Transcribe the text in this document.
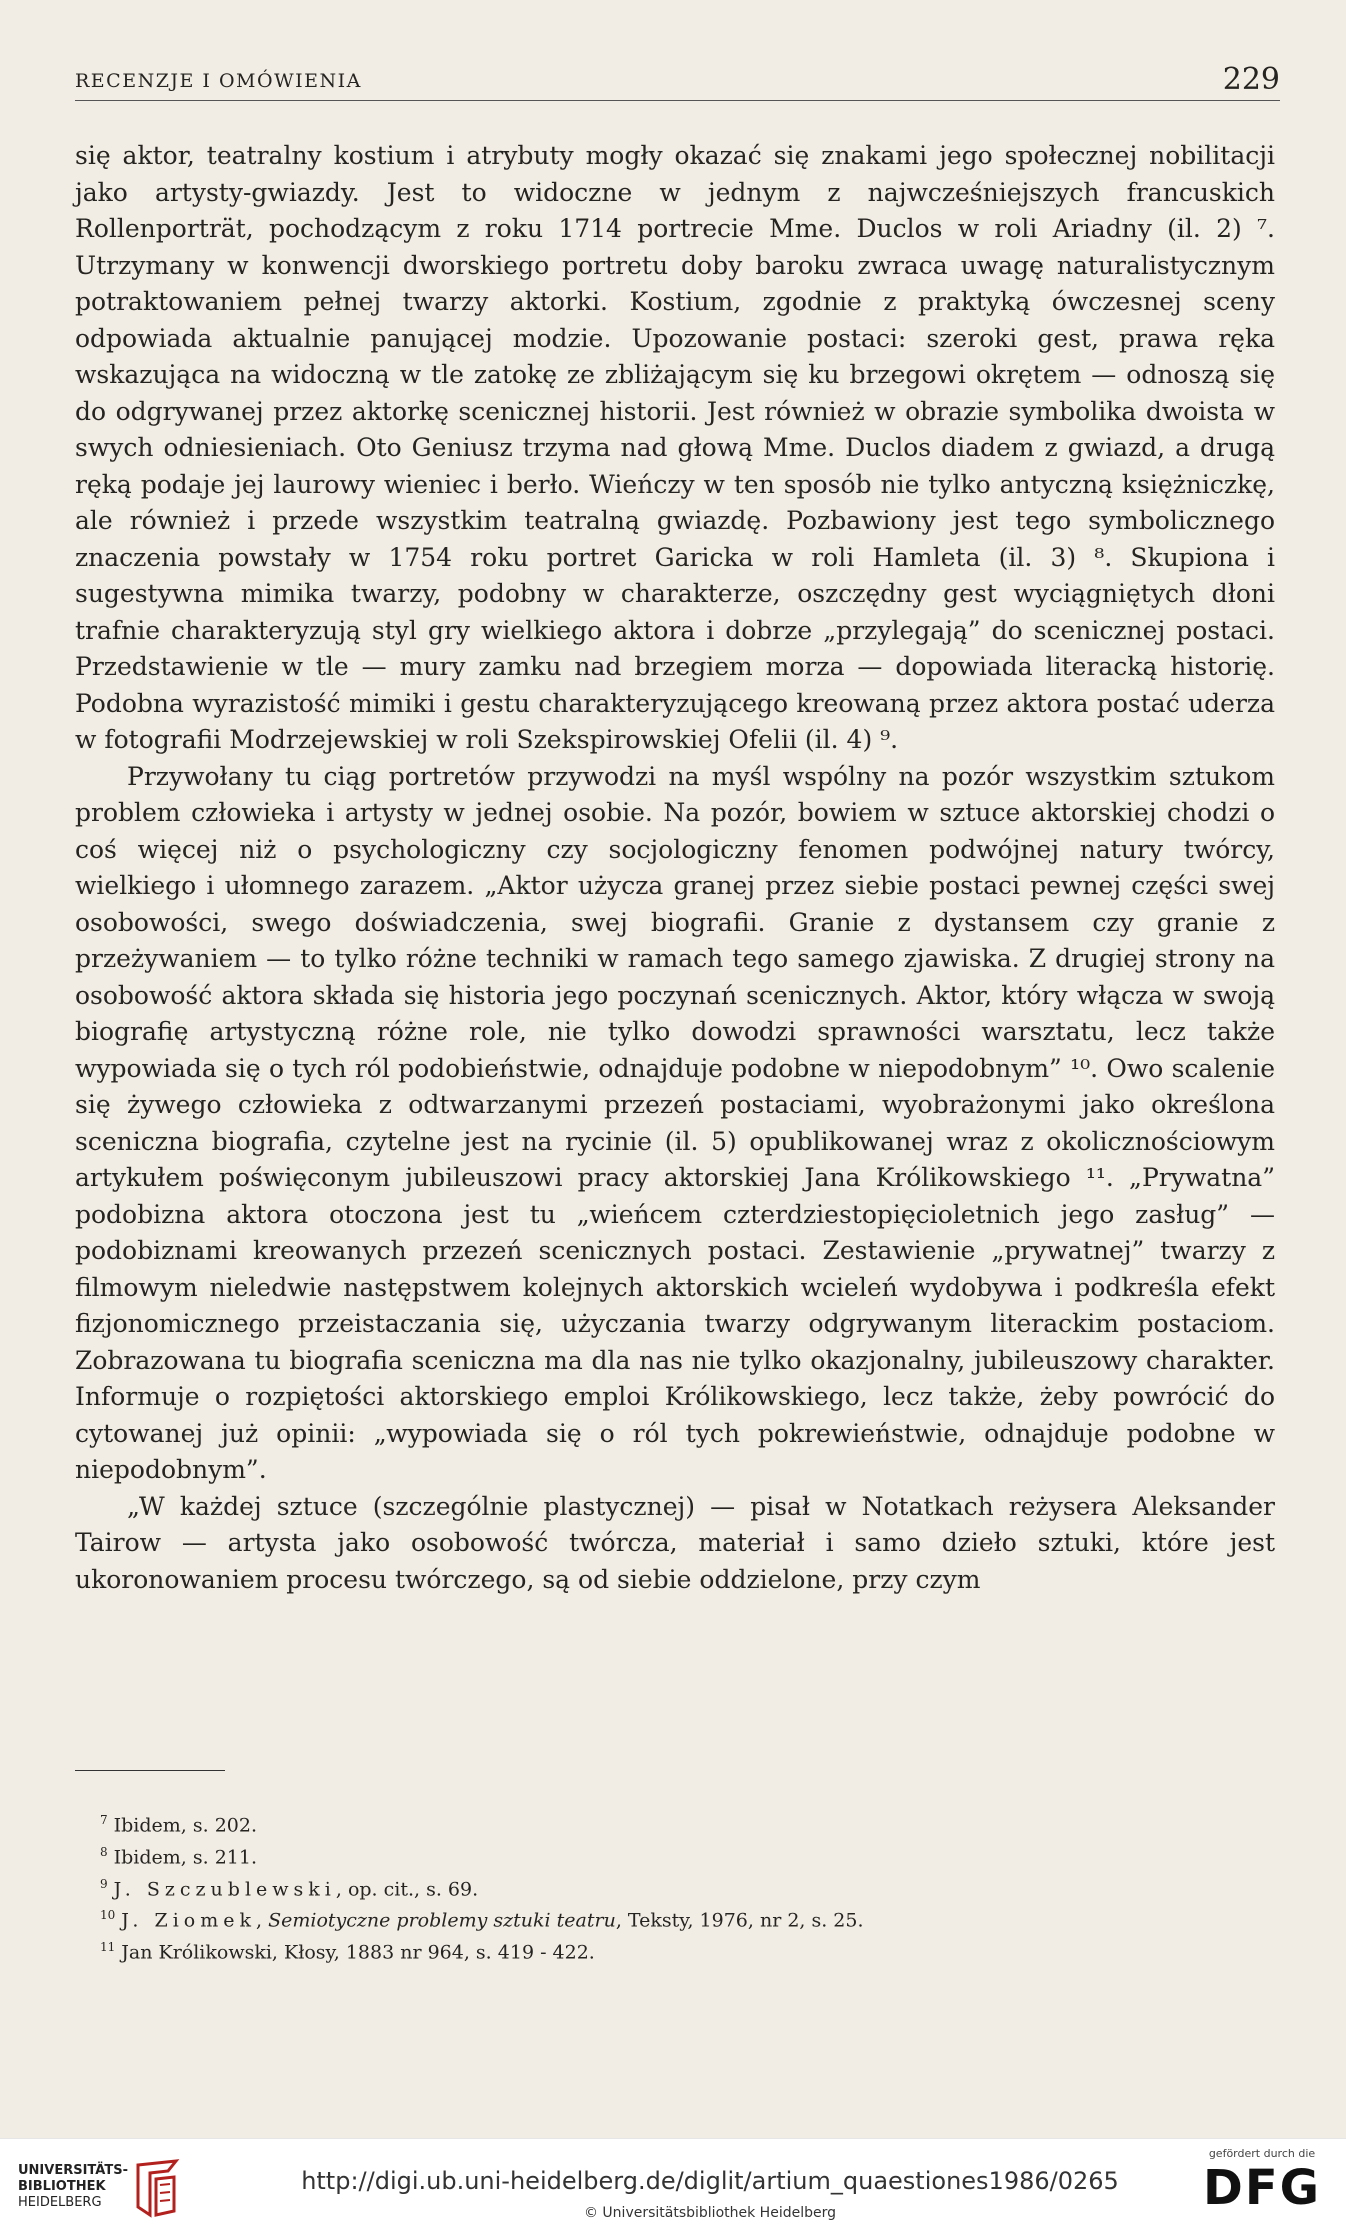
RECENZJE I OMÓWIENIA	229

się aktor, teatralny kostium i atrybuty mogły okazać się znakami jego społecznej nobilitacji jako artysty-gwiazdy. Jest to widoczne w jednym z najwcześniejszych francuskich Rollenporträt, pochodzącym z roku 1714 portrecie Mme. Duclos w roli Ariadny (il. 2) ⁷. Utrzymany w konwencji dworskiego portretu doby baroku zwraca uwagę naturalistycznym potraktowaniem pełnej twarzy aktorki. Kostium, zgodnie z praktyką ówczesnej sceny odpowiada aktualnie panującej modzie. Upozowanie postaci: szeroki gest, prawa ręka wskazująca na widoczną w tle zatokę ze zbliżającym się ku brzegowi okrętem — odnoszą się do odgrywanej przez aktorkę scenicznej historii. Jest również w obrazie symbolika dwoista w swych odniesieniach. Oto Geniusz trzyma nad głową Mme. Duclos diadem z gwiazd, a drugą ręką podaje jej laurowy wieniec i berło. Wieńczy w ten sposób nie tylko antyczną księżniczkę, ale również i przede wszystkim teatralną gwiazdę. Pozbawiony jest tego symbolicznego znaczenia powstały w 1754 roku portret Garicka w roli Hamleta (il. 3) ⁸. Skupiona i sugestywna mimika twarzy, podobny w charakterze, oszczędny gest wyciągniętych dłoni trafnie charakteryzują styl gry wielkiego aktora i dobrze „przylegają” do scenicznej postaci. Przedstawienie w tle — mury zamku nad brzegiem morza — dopowiada literacką historię. Podobna wyrazistość mimiki i gestu charakteryzującego kreowaną przez aktora postać uderza w fotografii Modrzejewskiej w roli Szekspirowskiej Ofelii (il. 4) ⁹.

Przywołany tu ciąg portretów przywodzi na myśl wspólny na pozór wszystkim sztukom problem człowieka i artysty w jednej osobie. Na pozór, bowiem w sztuce aktorskiej chodzi o coś więcej niż o psychologiczny czy socjologiczny fenomen podwójnej natury twórcy, wielkiego i ułomnego zarazem. „Aktor użycza granej przez siebie postaci pewnej części swej osobowości, swego doświadczenia, swej biografii. Granie z dystansem czy granie z przeżywaniem — to tylko różne techniki w ramach tego samego zjawiska. Z drugiej strony na osobowość aktora składa się historia jego poczynań scenicznych. Aktor, który włącza w swoją biografię artystyczną różne role, nie tylko dowodzi sprawności warsztatu, lecz także wypowiada się o tych ról podobieństwie, odnajduje podobne w niepodobnym” ¹⁰. Owo scalenie się żywego człowieka z odtwarzanymi przezeń postaciami, wyobrażonymi jako określona sceniczna biografia, czytelne jest na rycinie (il. 5) opublikowanej wraz z okolicznościowym artykułem poświęconym jubileuszowi pracy aktorskiej Jana Królikowskiego ¹¹. „Prywatna” podobizna aktora otoczona jest tu „wieńcem czterdziestopięcioletnich jego zasług” — podobiznami kreowanych przezeń scenicznych postaci. Zestawienie „prywatnej” twarzy z filmowym nieledwie następstwem kolejnych aktorskich wcieleń wydobywa i podkreśla efekt fizjonomicznego przeistaczania się, użyczania twarzy odgrywanym literackim postaciom. Zobrazowana tu biografia sceniczna ma dla nas nie tylko okazjonalny, jubileuszowy charakter. Informuje o rozpiętości aktorskiego emploi Królikowskiego, lecz także, żeby powrócić do cytowanej już opinii: „wypowiada się o ról tych pokrewieństwie, odnajduje podobne w niepodobnym”.

„W każdej sztuce (szczególnie plastycznej) — pisał w Notatkach reżysera Aleksander Tairow — artysta jako osobowość twórcza, materiał i samo dzieło sztuki, które jest ukoronowaniem procesu twórczego, są od siebie oddzielone, przy czym

$^7$ Ibidem, s. 202.
$^8$ Ibidem, s. 211.
$^9$ J. Szczublewski, op. cit., s. 69.
$^{10}$ J. Ziomek, Semiotyczne problemy sztuki teatru, Teksty, 1976, nr 2, s. 25.
$^{11}$ Jan Królikowski, Kłosy, 1883 nr 964, s. 419 - 422.
UNIVERSITÄTS-
BIBLIOTHEK
HEIDELBERG
http://digi.ub.uni-heidelberg.de/diglit/artium_quaestiones1986/0265
© Universitätsbibliothek Heidelberg
gefördert durch die
DFG
